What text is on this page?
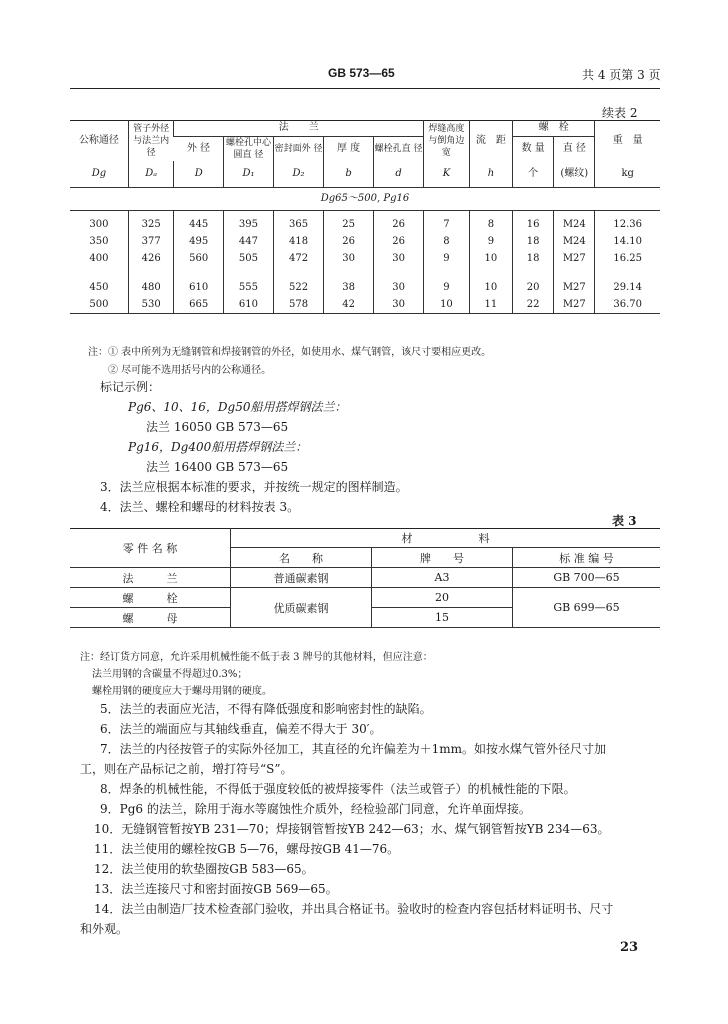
GB 573—65	共 4 页第 3 页
续表 2
公称通径	管子外径与法兰内径	法　　兰					焊缝高度与倒角边宽	流　距	螺　栓		重　量
		外 径	螺栓孔中心圆直 径	密封面外 径	厚 度	螺栓孔直 径			数 量	直 径	

Dg	Dₐ	D	D₁	D₂	b	d	K	h	个	(螺纹)	kg
Dg65～500, Pg16											

300	325	445	395	365	25	26	7	8	16	M24	12.36
350	377	495	447	418	26	26	8	9	18	M24	14.10
400	426	560	505	472	30	30	9	10	18	M27	16.25

450	480	610	555	522	38	30	9	10	20	M27	29.14
500	530	665	610	578	42	30	10	11	22	M27	36.70
注：① 表中所列为无缝钢管和焊接钢管的外径，如使用水、煤气钢管，该尺寸要相应更改。
② 尽可能不选用括号内的公称通径。
标记示例：
Pg6、10、16，Dg50船用搭焊钢法兰：
法兰 16050 GB 573—65
Pg16，Dg400船用搭焊钢法兰：
法兰 16400 GB 573—65
3．法兰应根据本标准的要求，并按统一规定的图样制造。
4．法兰、螺栓和螺母的材料按表 3。
表 3
零 件 名 称	材　　　　　　料		
	名　　称	牌　　号	标 准 编 号
法　　　兰	普通碳素钢	A3	GB 700—65
螺　　　栓	优质碳素钢	20	GB 699—65
螺　　　母		15	
注：经订货方同意，允许采用机械性能不低于表 3 牌号的其他材料，但应注意：
法兰用钢的含碳量不得超过0.3%；
螺栓用钢的硬度应大于螺母用钢的硬度。
5．法兰的表面应光洁，不得有降低强度和影响密封性的缺陷。
6．法兰的端面应与其轴线垂直，偏差不得大于 30′。
7．法兰的内径按管子的实际外径加工，其直径的允许偏差为＋1mm。如按水煤气管外径尺寸加
工，则在产品标记之前，增打符号“S”。
8．焊条的机械性能，不得低于强度较低的被焊接零件（法兰或管子）的机械性能的下限。
9．Pg6 的法兰，除用于海水等腐蚀性介质外，经检验部门同意，允许单面焊接。
10．无缝钢管暂按YB 231—70；焊接钢管暂按YB 242—63；水、煤气钢管暂按YB 234—63。
11．法兰使用的螺栓按GB 5—76，螺母按GB 41—76。
12．法兰使用的软垫圈按GB 583—65。
13．法兰连接尺寸和密封面按GB 569—65。
14．法兰由制造厂技术检查部门验收，并出具合格证书。验收时的检查内容包括材料证明书、尺寸
和外观。
23
